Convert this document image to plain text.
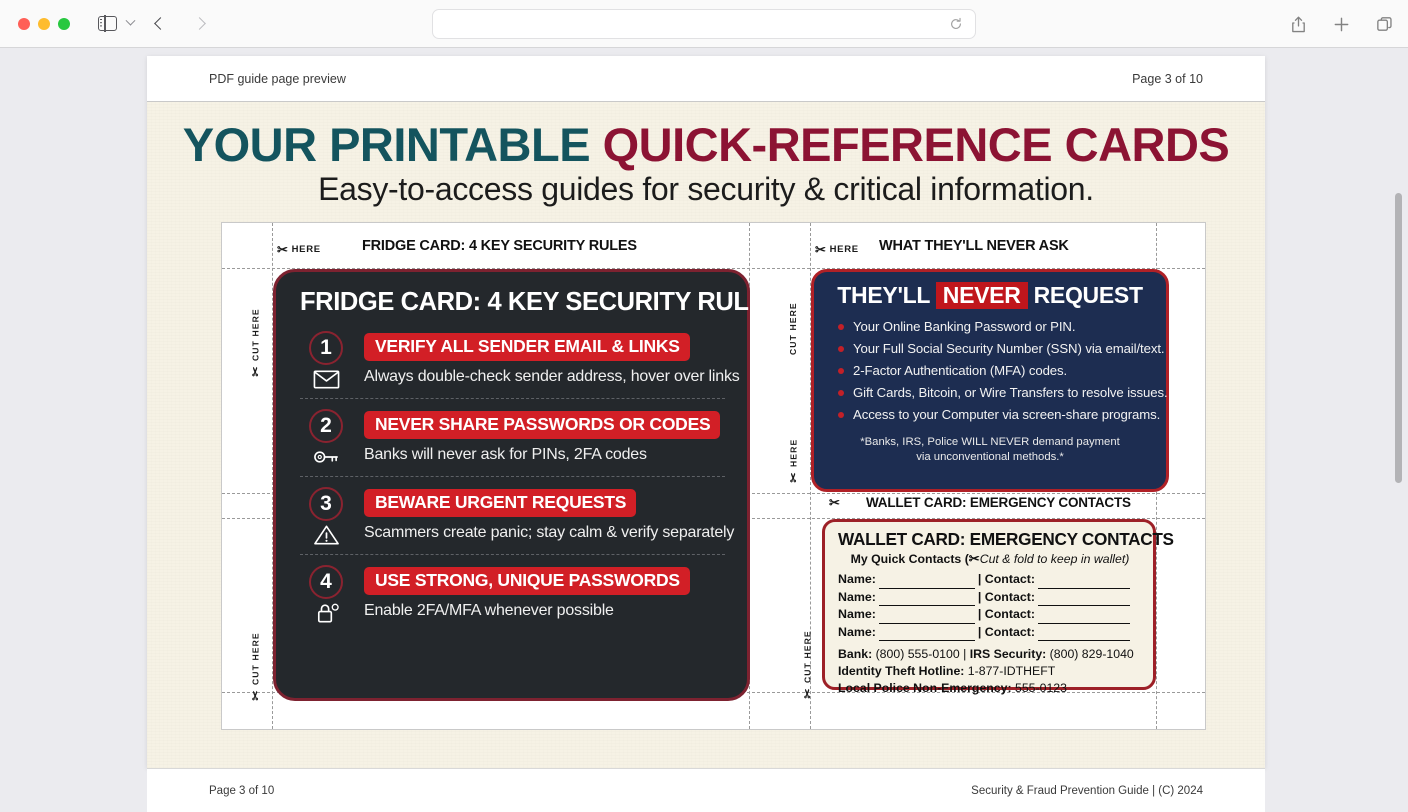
PDF guide page preview	Page 3 of 10
YOUR PRINTABLE QUICK-REFERENCE CARDS
Easy-to-access guides for security & critical information.
✂ HERE	FRIDGE CARD: 4 KEY SECURITY RULES	✂ HERE WHAT THEY'LL NEVER ASK
✂ WALLET CARD: EMERGENCY CONTACTS
✂
CUT HERE
✂
CUT HERE
CUT HERE
✂
HERE
✂
CUT HERE
FRIDGE CARD: 4 KEY SECURITY RULES
1	VERIFY ALL SENDER EMAIL & LINKS
Always double-check sender address, hover over links
2	NEVER SHARE PASSWORDS OR CODES
Banks will never ask for PINs, 2FA codes
3	BEWARE URGENT REQUESTS
Scammers create panic; stay calm & verify separately
4	USE STRONG, UNIQUE PASSWORDS
Enable 2FA/MFA whenever possible
THEY'LL NEVER REQUEST
Your Online Banking Password or PIN.
Your Full Social Security Number (SSN) via email/text.
2-Factor Authentication (MFA) codes.
Gift Cards, Bitcoin, or Wire Transfers to resolve issues.
Access to your Computer via screen-share programs.
*Banks, IRS, Police WILL NEVER demand payment
via unconventional methods.*
WALLET CARD: EMERGENCY CONTACTS
My Quick Contacts (✂Cut & fold to keep in wallet)
Name:	| Contact:
Name:	| Contact:
Name:	| Contact:
Name:	| Contact:
Bank: (800) 555-0100 | IRS Security: (800) 829-1040
Identity Theft Hotline: 1-877-IDTHEFT
Local Police Non-Emergency: 555-0123
Page 3 of 10	Security & Fraud Prevention Guide | (C) 2024
